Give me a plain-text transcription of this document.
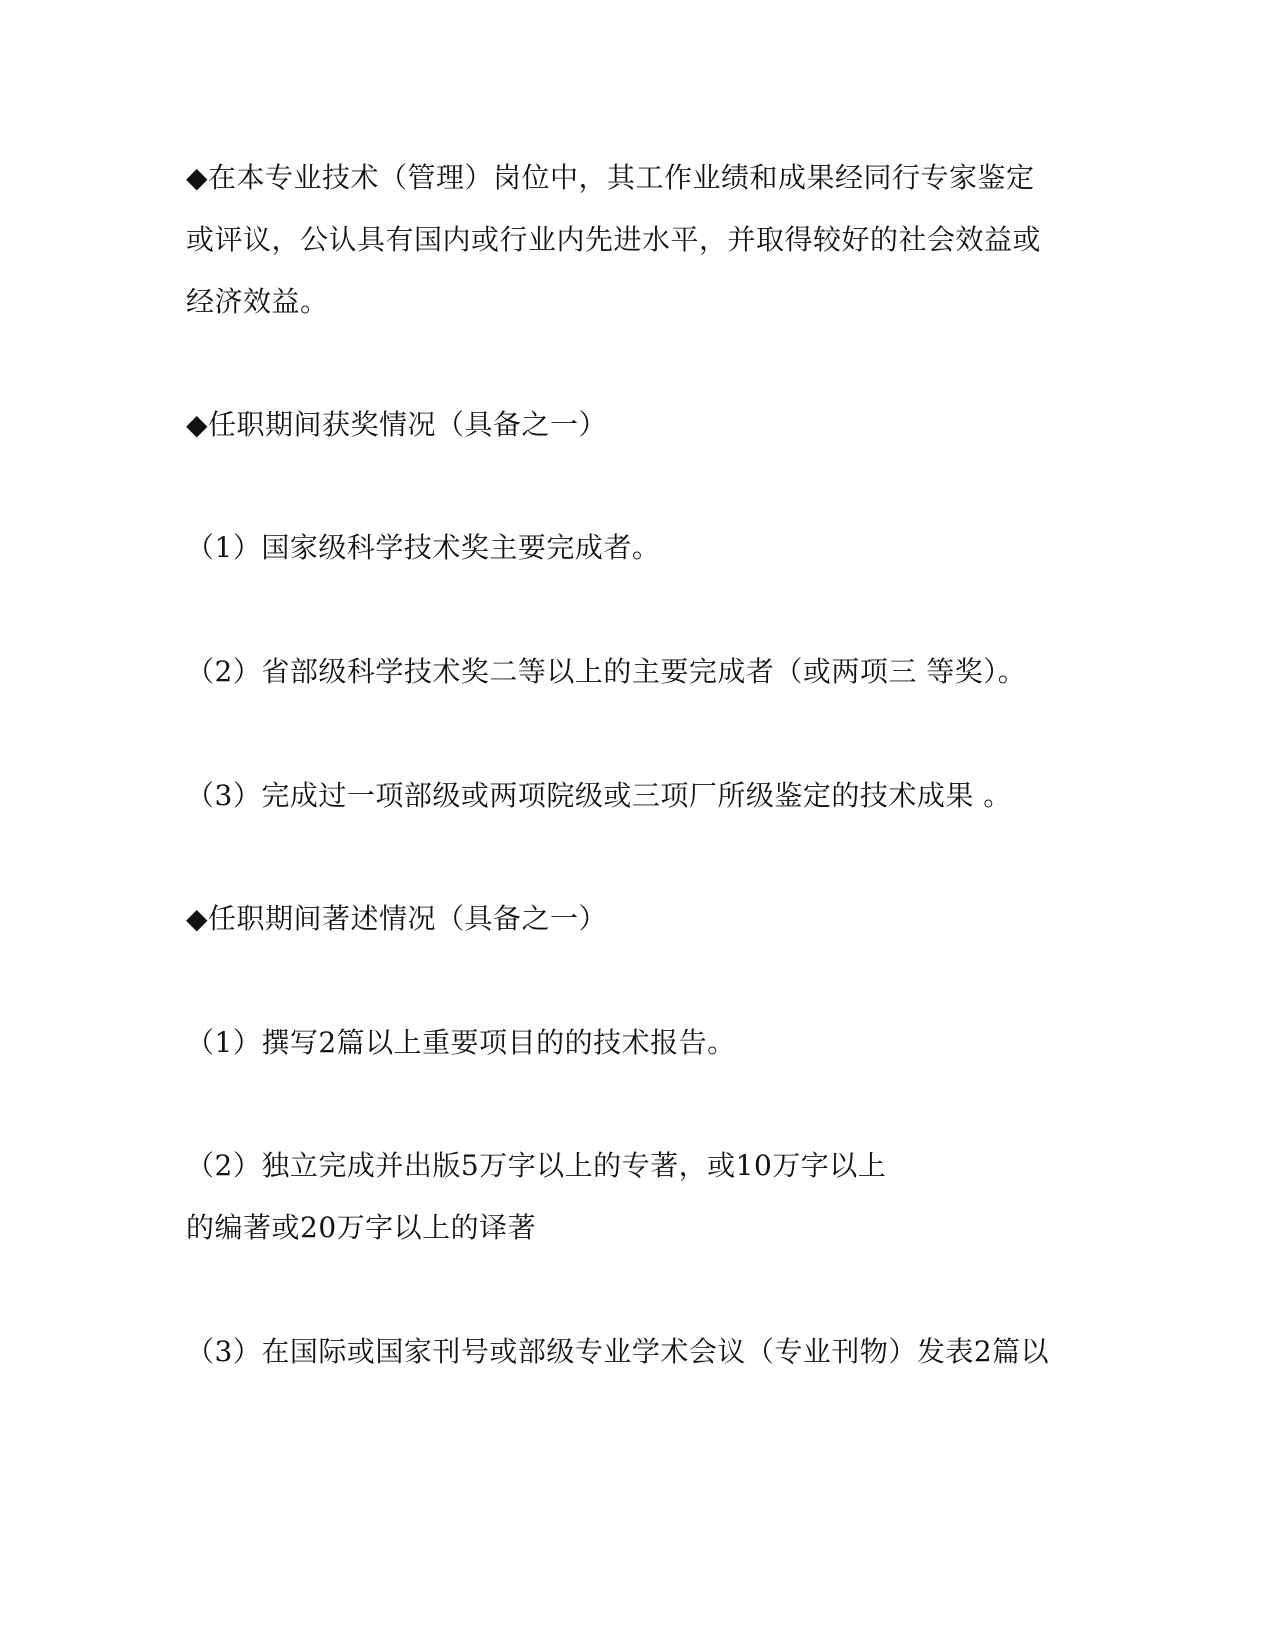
◆在本专业技术（管理）岗位中，其工作业绩和成果经同行专家鉴定
或评议，公认具有国内或行业内先进水平，并取得较好的社会效益或
经济效益。
◆任职期间获奖情况（具备之一）
（1）国家级科学技术奖主要完成者。
（2）省部级科学技术奖二等以上的主要完成者（或两项三 等奖）。
（3）完成过一项部级或两项院级或三项厂所级鉴定的技术成果 。
◆任职期间著述情况（具备之一）
（1）撰写2篇以上重要项目的的技术报告。
（2）独立完成并出版5万字以上的专著，或10万字以上
的编著或20万字以上的译著
（3）在国际或国家刊号或部级专业学术会议（专业刊物）发表2篇以
